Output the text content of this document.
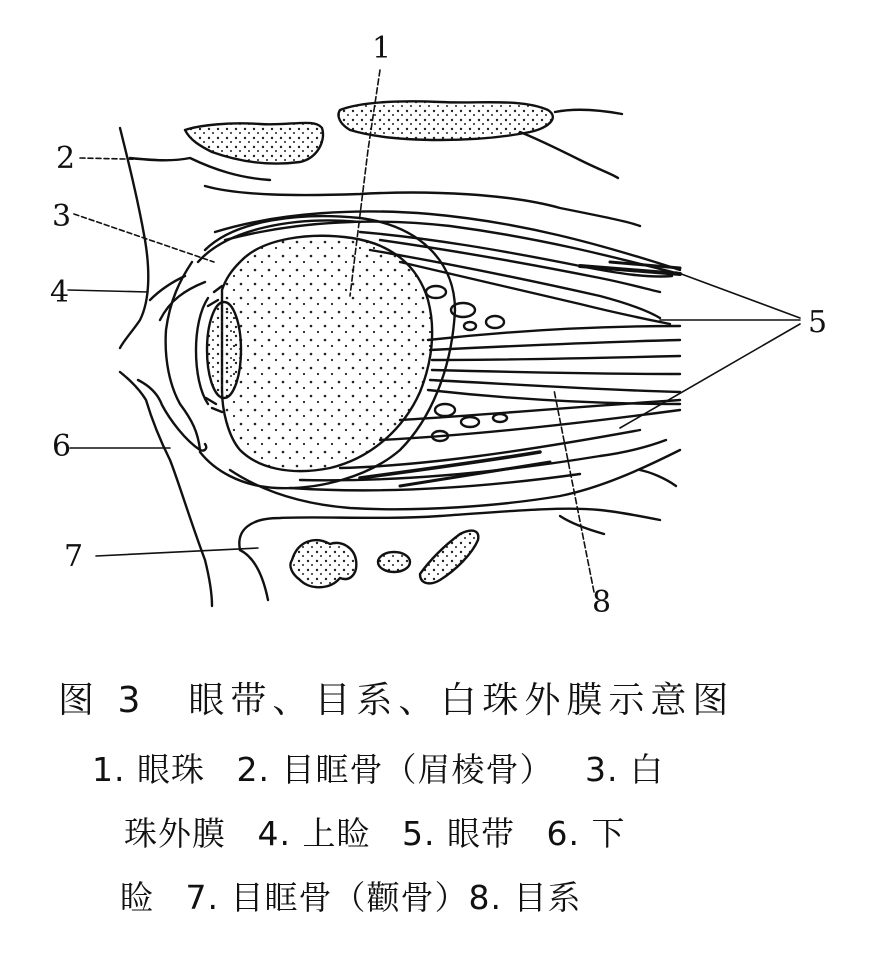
1
2
3
4
5
6
7
8
图 3　眼带、目系、白珠外膜示意图
1. 眼珠 2. 目眶骨（眉棱骨） 3. 白
珠外膜 4. 上睑 5. 眼带 6. 下
睑 7. 目眶骨（颧骨）8. 目系
